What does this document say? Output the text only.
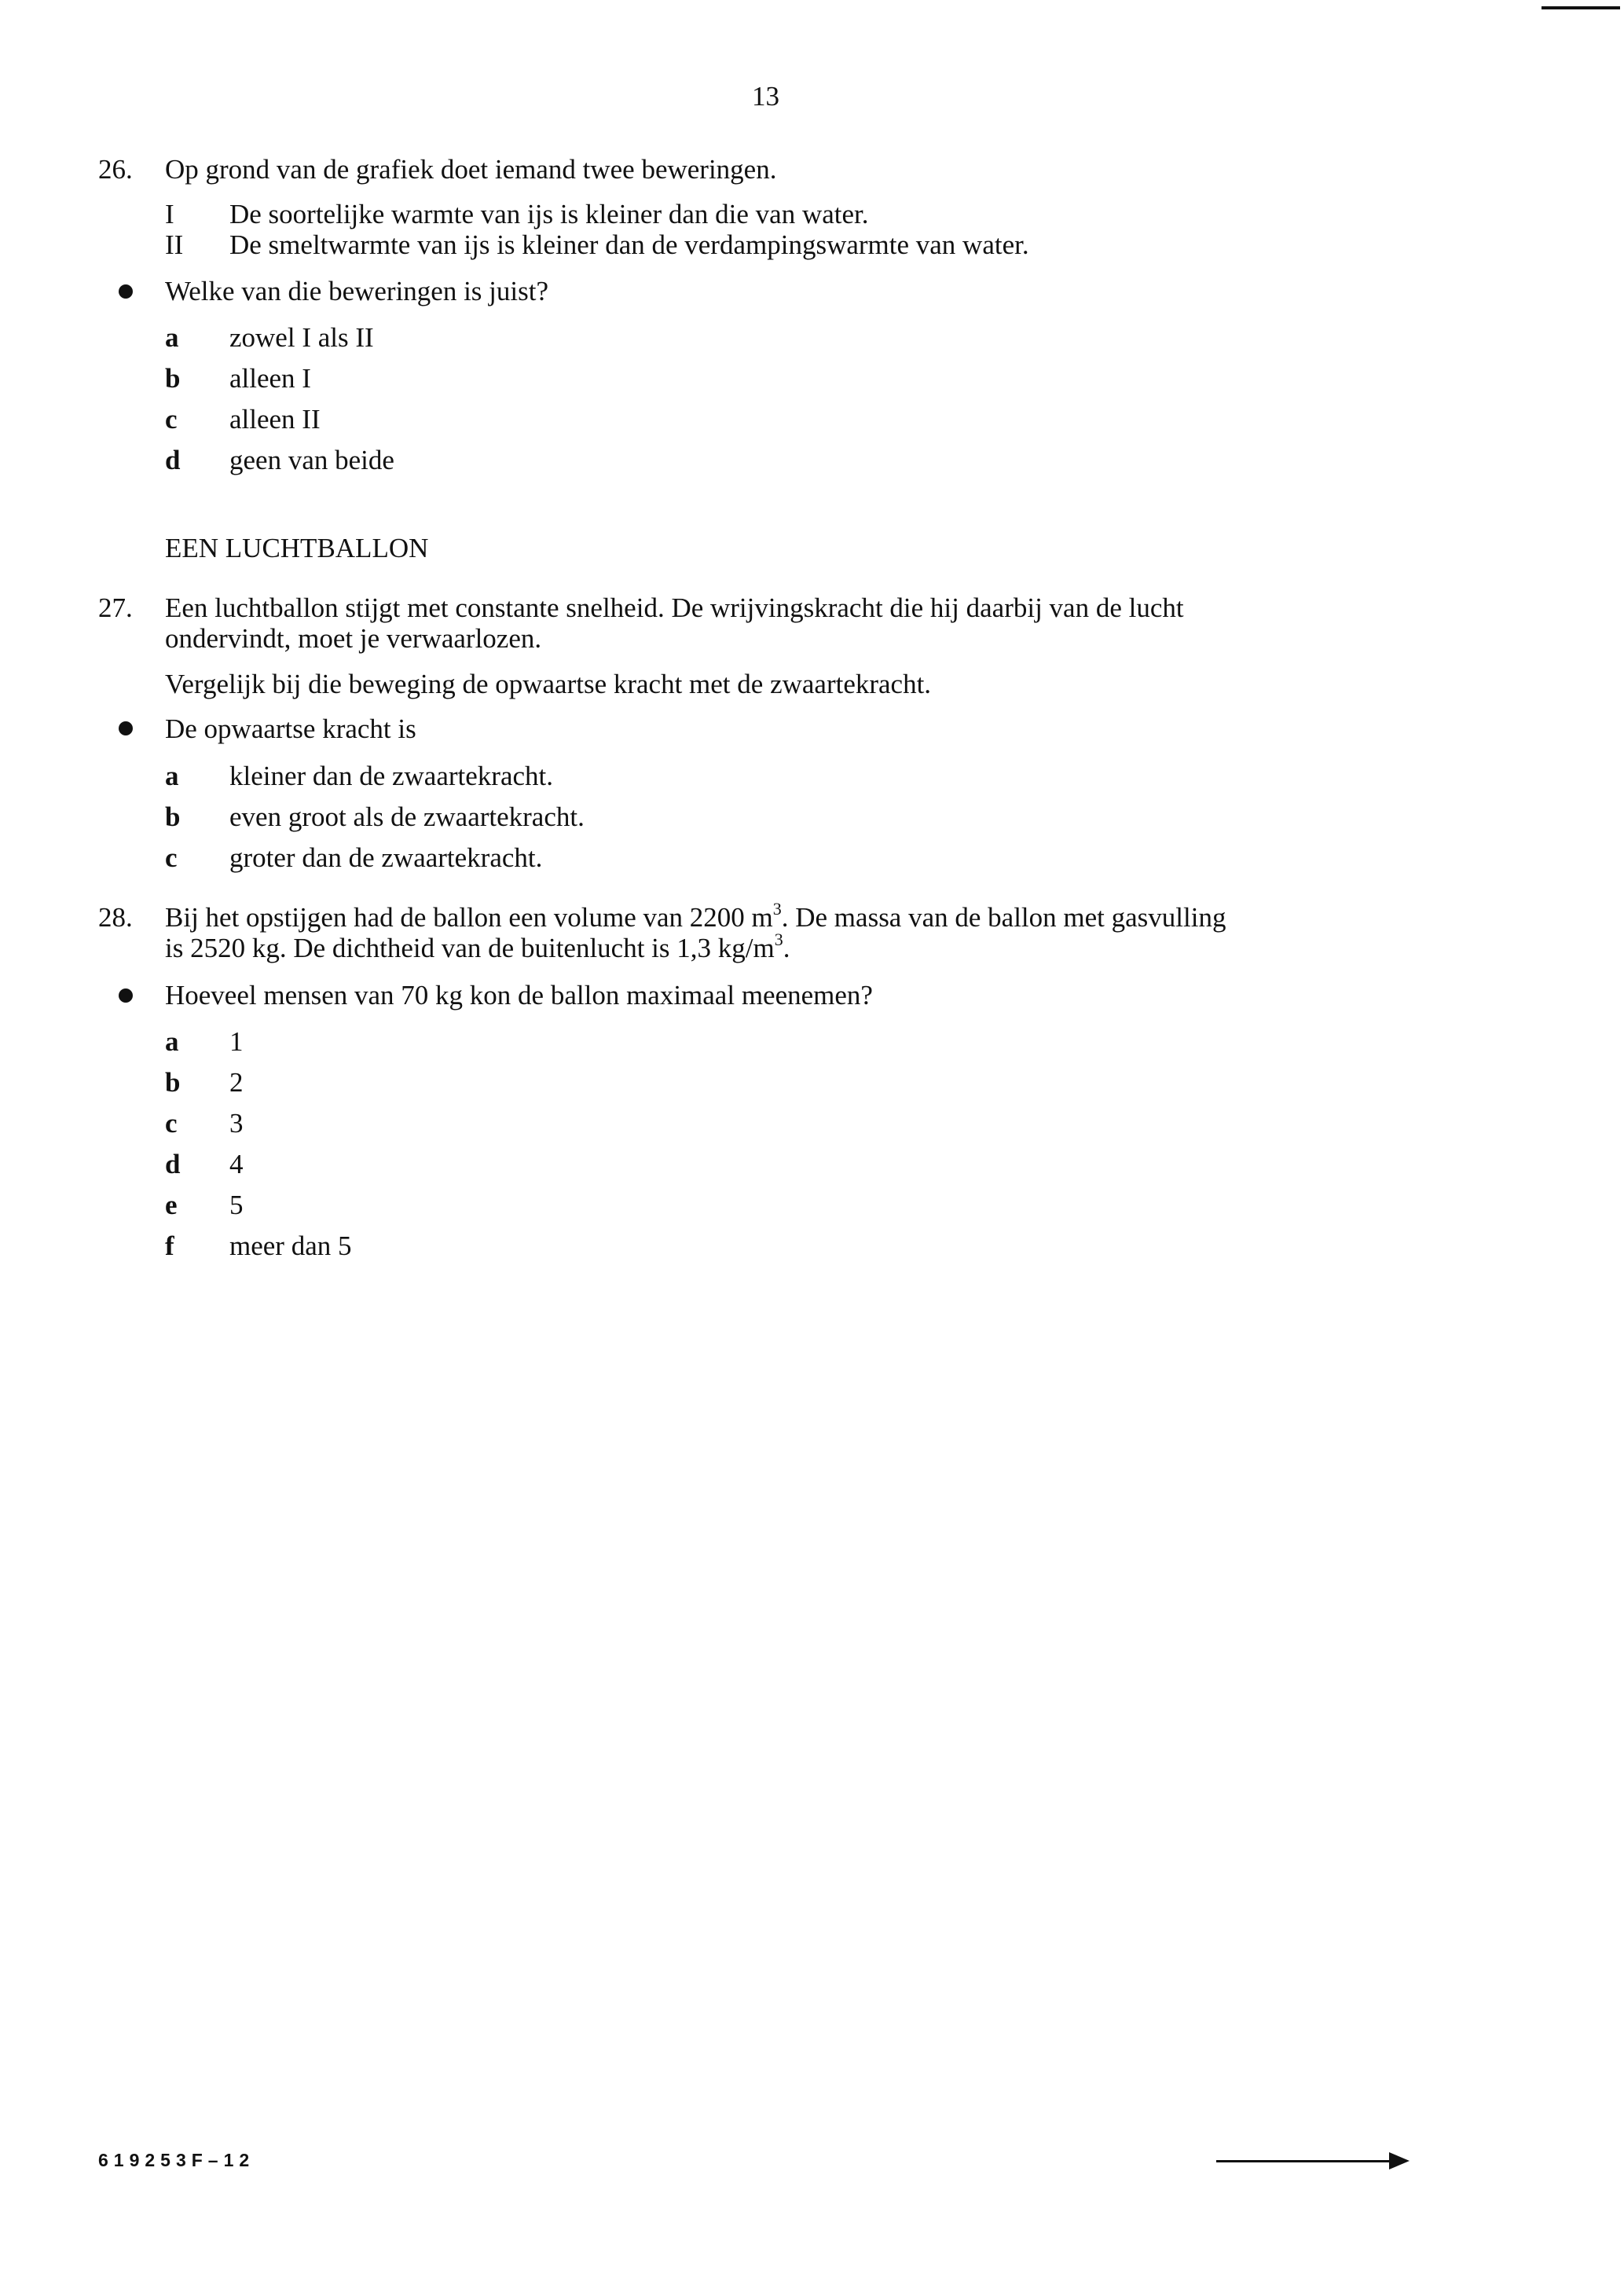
13
26. Op grond van de grafiek doet iemand twee beweringen.
I De soortelijke warmte van ijs is kleiner dan die van water.
II De smeltwarmte van ijs is kleiner dan de verdampingswarmte van water.
Welke van die beweringen is juist?
a zowel I als II
b alleen I
c alleen II
d geen van beide
EEN LUCHTBALLON
27. Een luchtballon stijgt met constante snelheid. De wrijvingskracht die hij daarbij van de lucht
ondervindt, moet je verwaarlozen.
Vergelijk bij die beweging de opwaartse kracht met de zwaartekracht.
De opwaartse kracht is
a kleiner dan de zwaartekracht.
b even groot als de zwaartekracht.
c groter dan de zwaartekracht.
28. Bij het opstijgen had de ballon een volume van 2200 $m^3$. De massa van de ballon met gasvulling
is 2520 kg. De dichtheid van de buitenlucht is 1,3 $kg/m^3$.
Hoeveel mensen van 70 kg kon de ballon maximaal meenemen?
a 1
b 2
c 3
d 4
e 5
f meer dan 5
619253F–12
